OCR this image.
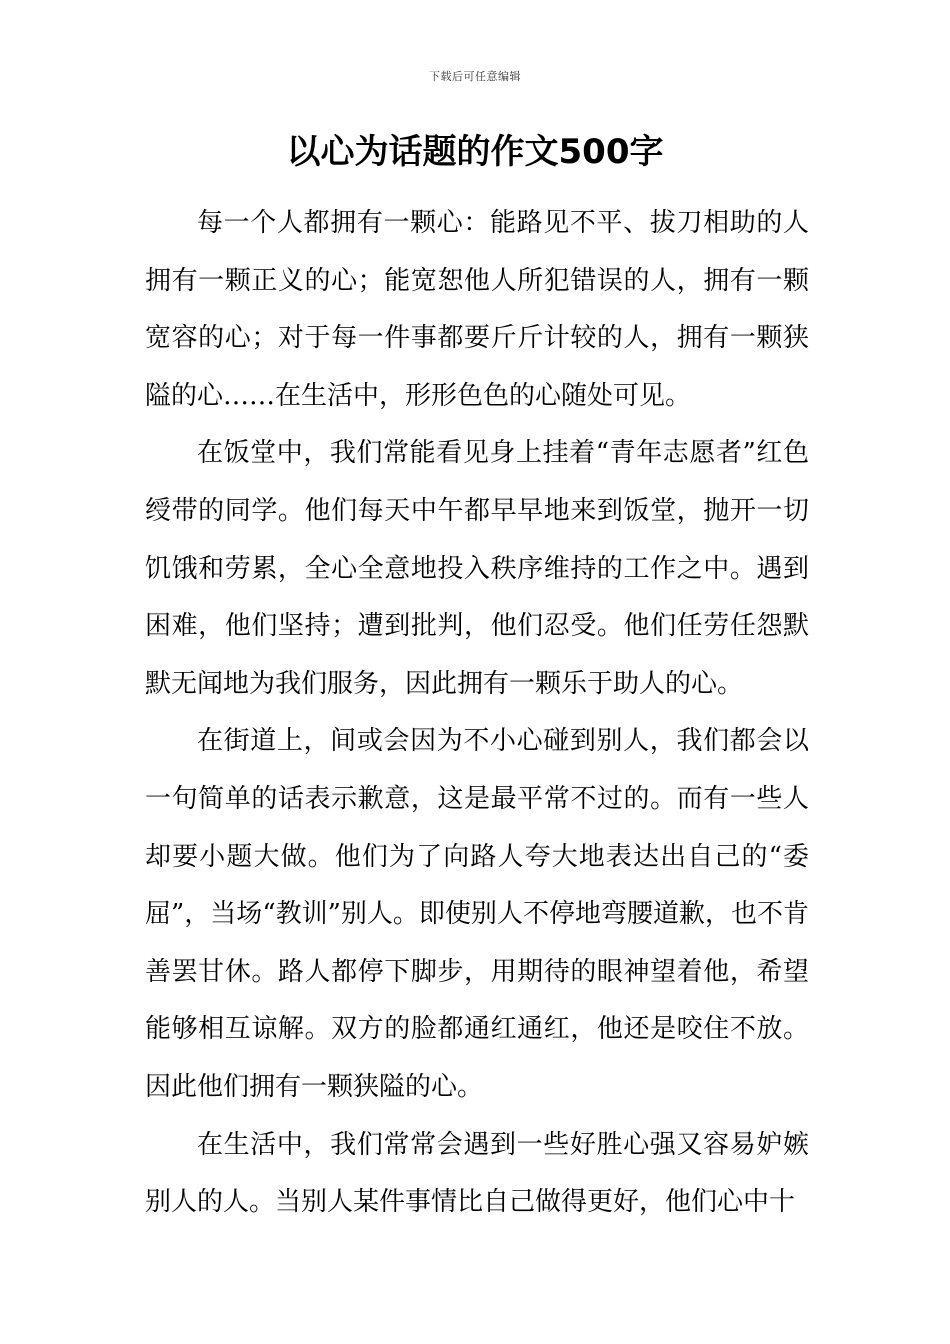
下载后可任意编辑
以心为话题的作文500字

每一个人都拥有一颗心：能路见不平、拔刀相助的人拥有一颗正义的心；能宽恕他人所犯错误的人，拥有一颗宽容的心；对于每一件事都要斤斤计较的人，拥有一颗狭隘的心……在生活中，形形色色的心随处可见。

在饭堂中，我们常能看见身上挂着“青年志愿者”红色绶带的同学。他们每天中午都早早地来到饭堂，抛开一切饥饿和劳累，全心全意地投入秩序维持的工作之中。遇到困难，他们坚持；遭到批判，他们忍受。他们任劳任怨默默无闻地为我们服务，因此拥有一颗乐于助人的心。

在街道上，间或会因为不小心碰到别人，我们都会以一句简单的话表示歉意，这是最平常不过的。而有一些人却要小题大做。他们为了向路人夸大地表达出自己的“委屈”，当场“教训”别人。即使别人不停地弯腰道歉，也不肯善罢甘休。路人都停下脚步，用期待的眼神望着他，希望能够相互谅解。双方的脸都通红通红，他还是咬住不放。因此他们拥有一颗狭隘的心。

在生活中，我们常常会遇到一些好胜心强又容易妒嫉别人的人。当别人某件事情比自己做得更好，他们心中十
